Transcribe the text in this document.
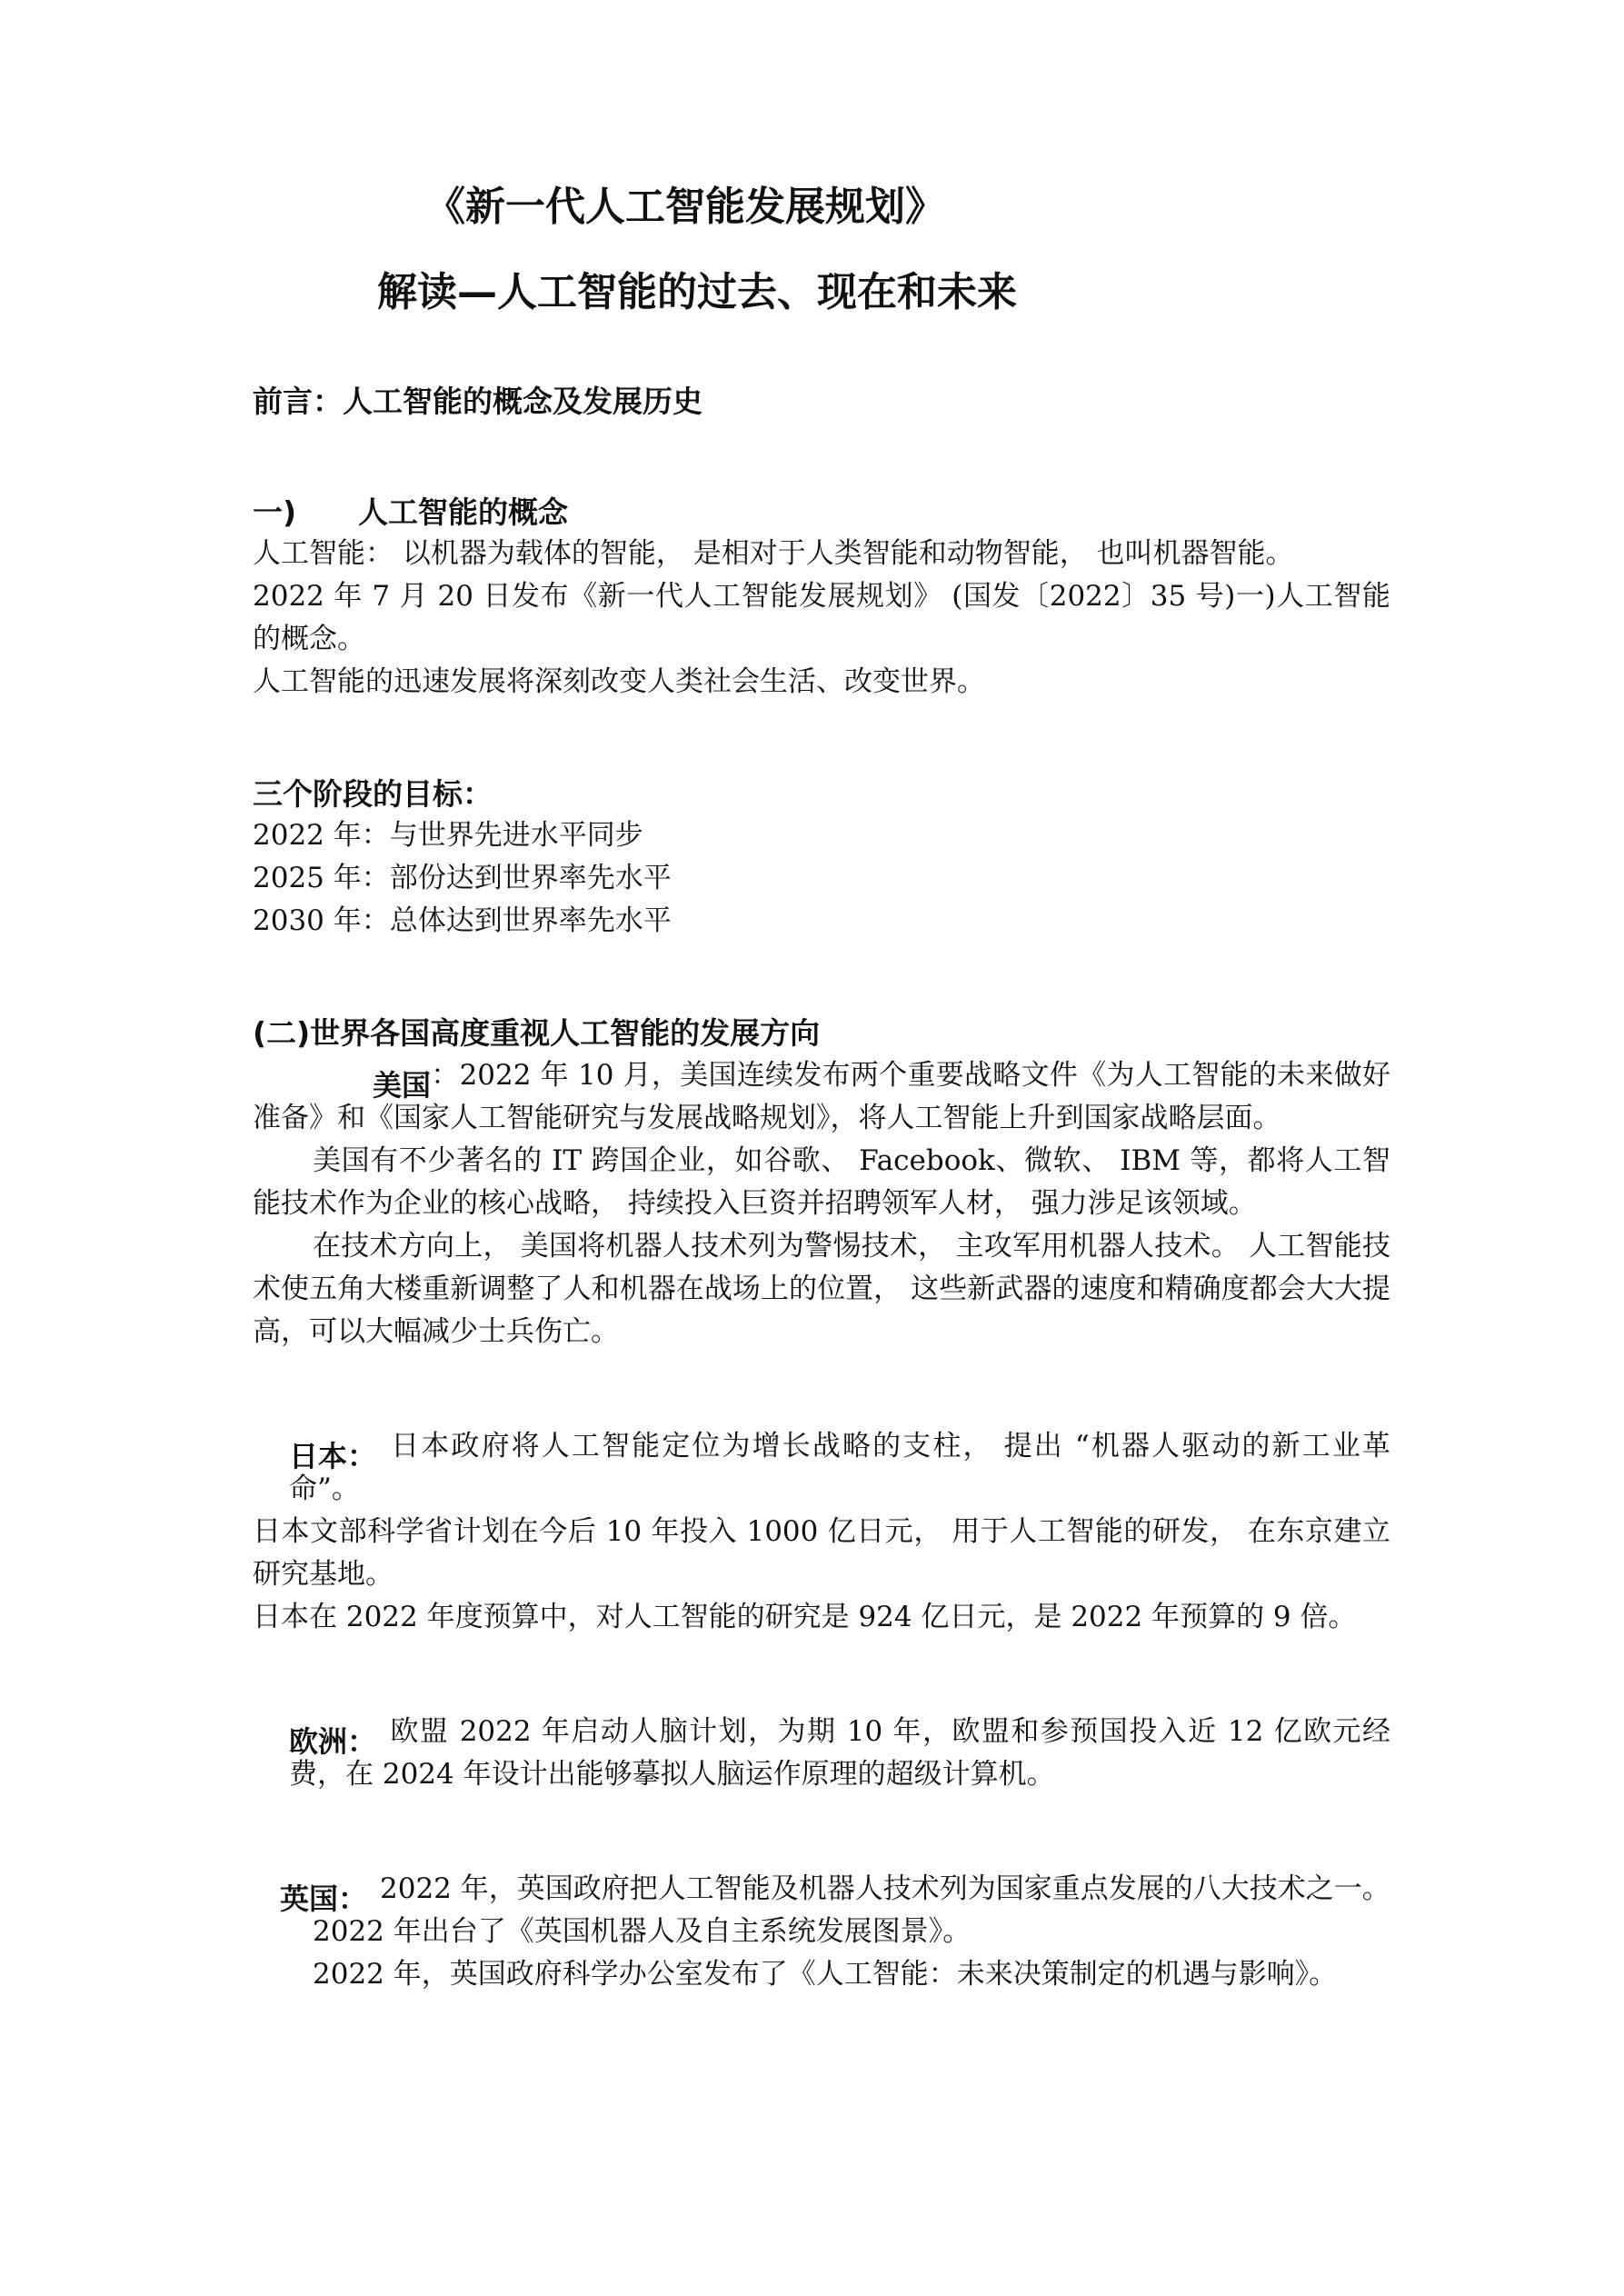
《新一代人工智能发展规划》
解读—人工智能的过去、现在和未来
前言：人工智能的概念及发展历史
一) 人工智能的概念

人工智能： 以机器为载体的智能， 是相对于人类智能和动物智能， 也叫机器智能。

2022 年 7 月 20 日发布《新一代人工智能发展规划》 (国发〔2022〕35 号)一)人工智能的概念。

人工智能的迅速发展将深刻改变人类社会生活、改变世界。

三个阶段的目标：

2022 年：与世界先进水平同步

2025 年：部份达到世界率先水平

2030 年：总体达到世界率先水平

(二)世界各国高度重视人工智能的发展方向

美国：2022 年 10 月，美国连续发布两个重要战略文件《为人工智能的未来做好准备》和《国家人工智能研究与发展战略规划》，将人工智能上升到国家战略层面。

美国有不少著名的 IT 跨国企业，如谷歌、 Facebook、微软、 IBM 等，都将人工智能技术作为企业的核心战略， 持续投入巨资并招聘领军人材， 强力涉足该领域。

在技术方向上， 美国将机器人技术列为警惕技术， 主攻军用机器人技术。 人工智能技术使五角大楼重新调整了人和机器在战场上的位置， 这些新武器的速度和精确度都会大大提高，可以大幅减少士兵伤亡。

日本： 日本政府将人工智能定位为增长战略的支柱， 提出 “机器人驱动的新工业革命”。

日本文部科学省计划在今后 10 年投入 1000 亿日元， 用于人工智能的研发， 在东京建立研究基地。

日本在 2022 年度预算中，对人工智能的研究是 924 亿日元，是 2022 年预算的 9 倍。

欧洲： 欧盟 2022 年启动人脑计划，为期 10 年，欧盟和参预国投入近 12 亿欧元经费，在 2024 年设计出能够摹拟人脑运作原理的超级计算机。

英国： 2022 年，英国政府把人工智能及机器人技术列为国家重点发展的八大技术之一。

2022 年出台了《英国机器人及自主系统发展图景》。

2022 年，英国政府科学办公室发布了《人工智能：未来决策制定的机遇与影响》。
